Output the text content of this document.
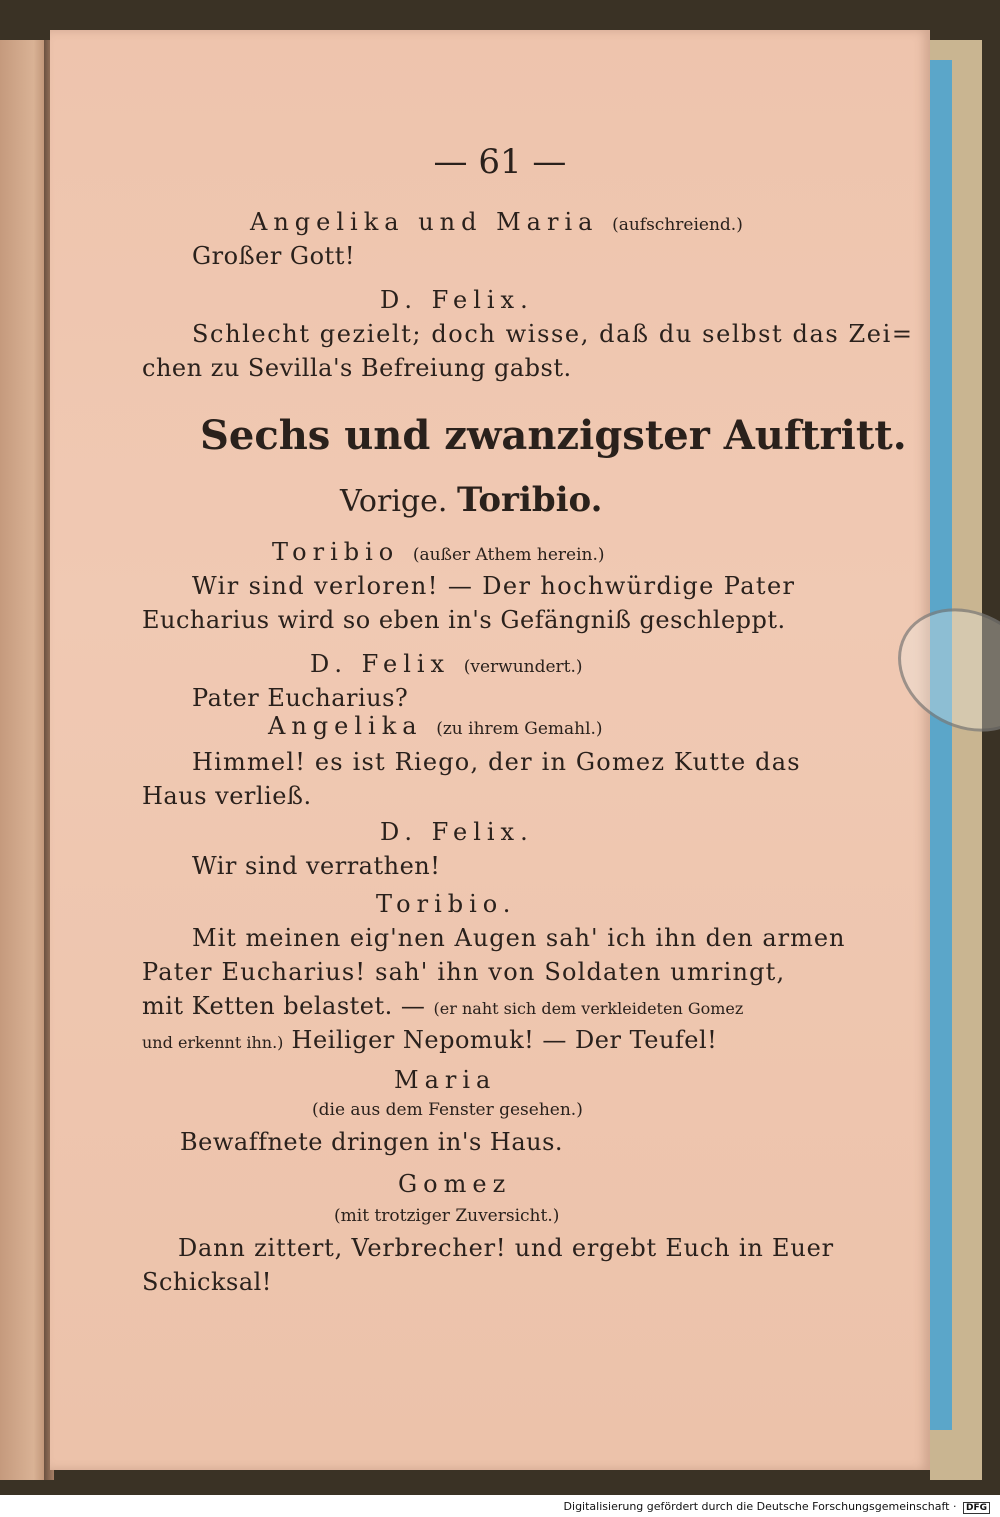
— 61 —
Angelika und Maria (aufschreiend.)
Großer Gott!
D. Felix.
Schlecht gezielt; doch wisse, daß du selbst das Zei=
chen zu Sevilla's Befreiung gabst.
Sechs und zwanzigster Auftritt.
Vorige. Toribio.
Toribio (außer Athem herein.)
Wir sind verloren! — Der hochwürdige Pater
Eucharius wird so eben in's Gefängniß geschleppt.
D. Felix (verwundert.)
Pater Eucharius?
Angelika (zu ihrem Gemahl.)
Himmel! es ist Riego, der in Gomez Kutte das
Haus verließ.
D. Felix.
Wir sind verrathen!
Toribio.
Mit meinen eig'nen Augen sah' ich ihn den armen
Pater Eucharius! sah' ihn von Soldaten umringt,
mit Ketten belastet. — (er naht sich dem verkleideten Gomez
und erkennt ihn.) Heiliger Nepomuk! — Der Teufel!
Maria
(die aus dem Fenster gesehen.)
Bewaffnete dringen in's Haus.
Gomez
(mit trotziger Zuversicht.)
Dann zittert, Verbrecher! und ergebt Euch in Euer
Schicksal!
Digitalisierung gefördert durch die Deutsche Forschungsgemeinschaft · DFG
